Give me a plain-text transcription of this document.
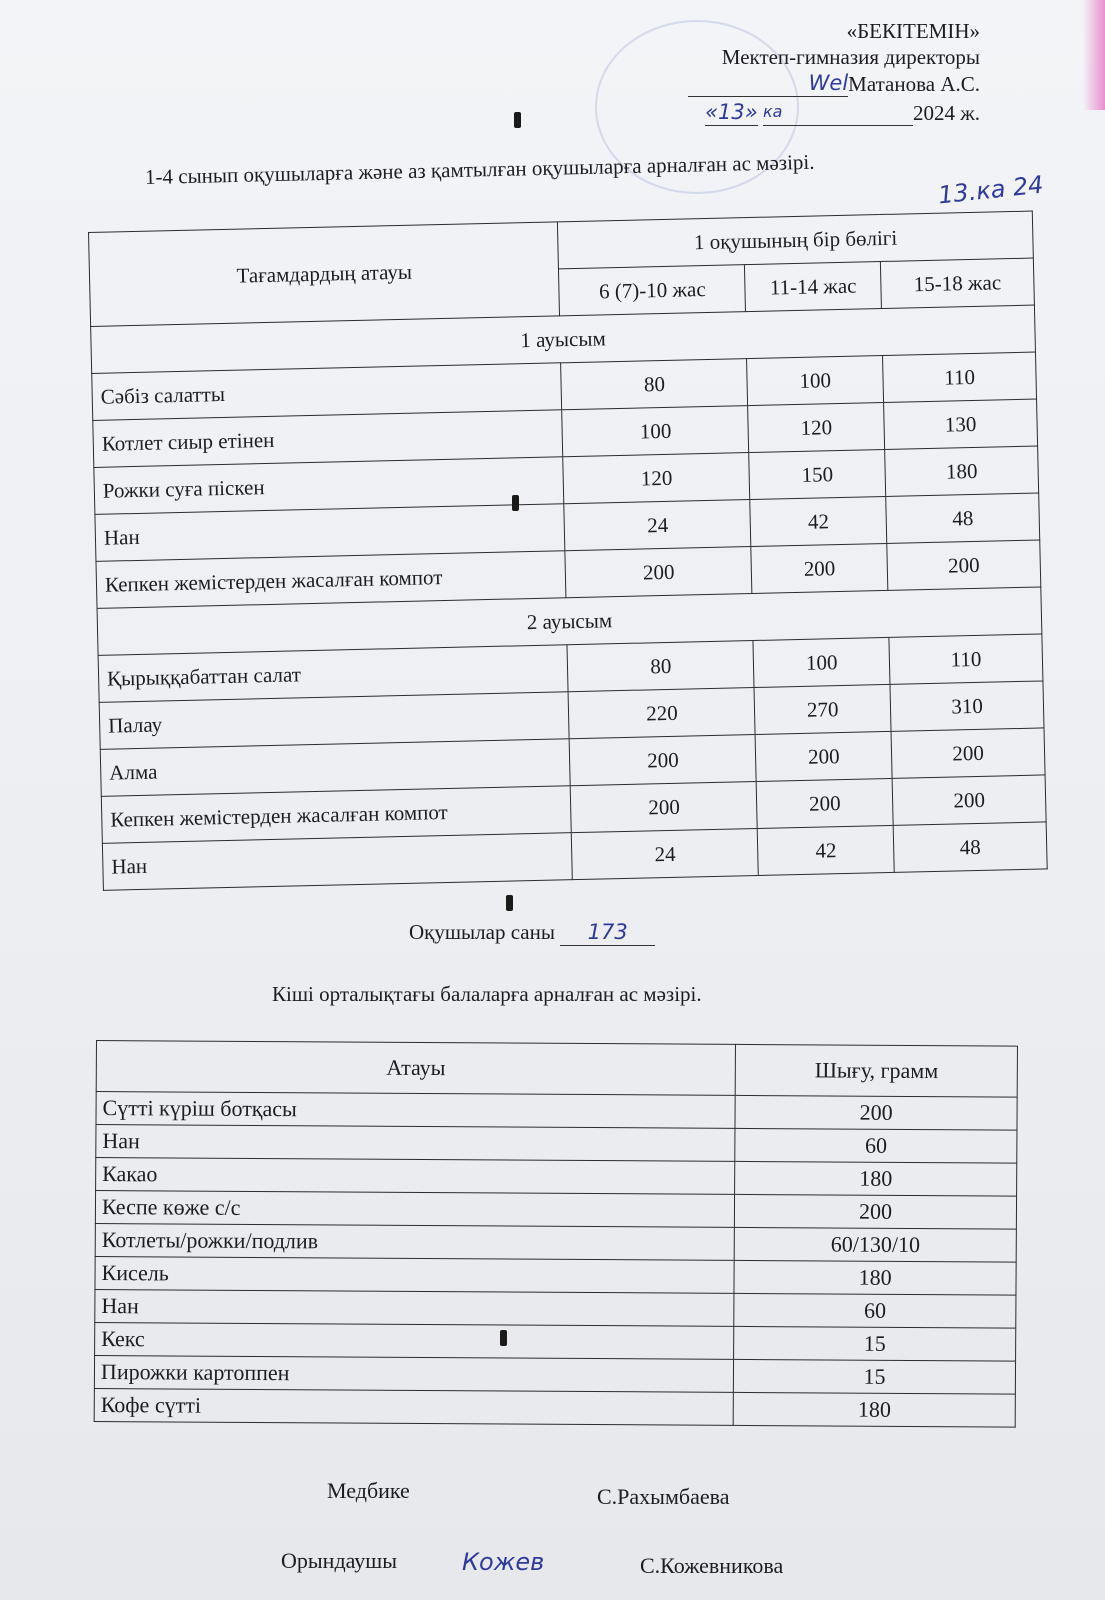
«БЕКІТЕМІН»
Мектеп-гимназия директоры
WelМатанова А.С.
«13» ка	2024 ж.
1-4 сынып оқушыларға және аз қамтылған оқушыларға арналған ас мәзірі.
13.ка 24
Тағамдардың атауы	1 оқушының бір бөлігі		
	6 (7)-10 жас	11-14 жас	15-18 жас
1 ауысым			
Сәбіз салатты	80	100	110
Котлет сиыр етінен	100	120	130
Рожки суға піскен	120	150	180
Нан	24	42	48
Кепкен жемістерден жасалған компот	200	200	200
2 ауысым			
Қырыққабаттан салат	80	100	110
Палау	220	270	310
Алма	200	200	200
Кепкен жемістерден жасалған компот	200	200	200
Нан	24	42	48
Оқушылар саны 173
Кіші орталықтағы балаларға арналған ас мәзірі.
Атауы	Шығу, грамм
Сүтті күріш ботқасы	200
Нан	60
Какао	180
Кеспе көже с/с	200
Котлеты/рожки/подлив	60/130/10
Кисель	180
Нан	60
Кекс	15
Пирожки картоппен	15
Кофе сүтті	180
Медбике	С.Рахымбаева
Орындаушы	Кожев	С.Кожевникова
